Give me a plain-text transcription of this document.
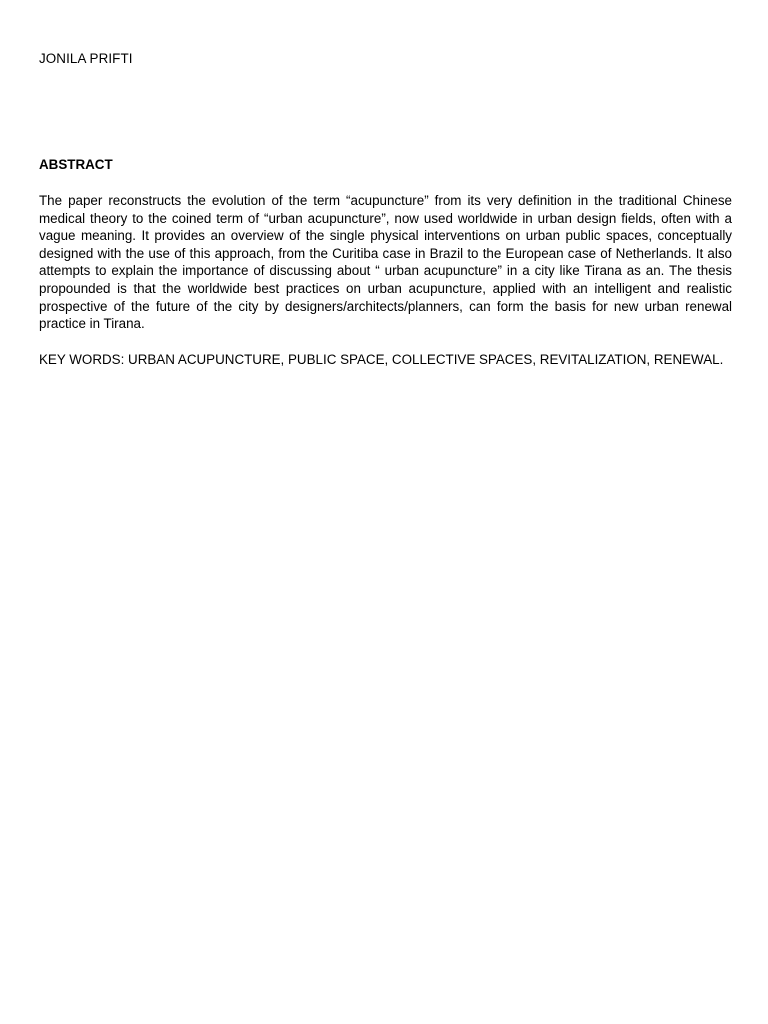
JONILA PRIFTI
ABSTRACT

The paper reconstructs the evolution of the term “acupuncture” from its very definition in the traditional Chinese medical theory to the coined term of “urban acupuncture”, now used worldwide in urban design fields, often with a vague meaning. It provides an overview of the single physical interventions on urban public spaces, conceptually designed with the use of this approach, from the Curitiba case in Brazil to the European case of Netherlands. It also attempts to explain the importance of discussing about “ urban acupuncture” in a city like Tirana as an. The thesis propounded is that the worldwide best practices on urban acupuncture, applied with an intelligent and realistic prospective of the future of the city by designers/architects/planners, can form the basis for new urban renewal practice in Tirana.

KEY WORDS: URBAN ACUPUNCTURE, PUBLIC SPACE, COLLECTIVE SPACES, REVITALIZATION, RENEWAL.
